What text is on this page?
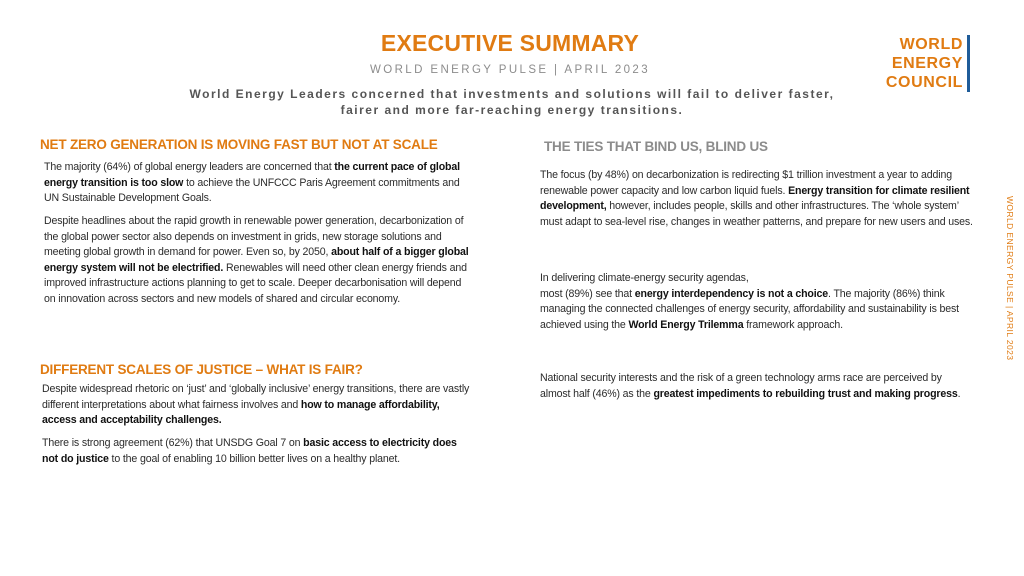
EXECUTIVE SUMMARY
WORLD ENERGY PULSE | APRIL 2023
World Energy Leaders concerned that investments and solutions will fail to deliver faster, fairer and more far-reaching energy transitions.
WORLD
ENERGY
COUNCIL
WORLD ENERGY PULSE | APRIL 2023
NET ZERO GENERATION IS MOVING FAST BUT NOT AT SCALE
The majority (64%) of global energy leaders are concerned that the current pace of global energy transition is too slow to achieve the UNFCCC Paris Agreement commitments and UN Sustainable Development Goals.
Despite headlines about the rapid growth in renewable power generation, decarbonization of the global power sector also depends on investment in grids, new storage solutions and meeting global growth in demand for power. Even so, by 2050, about half of a bigger global energy system will not be electrified. Renewables will need other clean energy friends and improved infrastructure actions planning to get to scale. Deeper decarbonisation will depend on innovation across sectors and new models of shared and circular economy.
DIFFERENT SCALES OF JUSTICE – WHAT IS FAIR?
Despite widespread rhetoric on ‘just’ and ‘globally inclusive’ energy transitions, there are vastly different interpretations about what fairness involves and how to manage affordability, access and acceptability challenges.
There is strong agreement (62%) that UNSDG Goal 7 on basic access to electricity does not do justice to the goal of enabling 10 billion better lives on a healthy planet.
THE TIES THAT BIND US, BLIND US
The focus (by 48%) on decarbonization is redirecting $1 trillion investment a year to adding renewable power capacity and low carbon liquid fuels. Energy transition for climate resilient development, however, includes people, skills and other infrastructures. The ‘whole system’ must adapt to sea-level rise, changes in weather patterns, and prepare for new users and uses.
In delivering climate-energy security agendas,
most (89%) see that energy interdependency is not a choice. The majority (86%) think managing the connected challenges of energy security, affordability and sustainability is best achieved using the World Energy Trilemma framework approach.
National security interests and the risk of a green technology arms race are perceived by almost half (46%) as the greatest impediments to rebuilding trust and making progress.
